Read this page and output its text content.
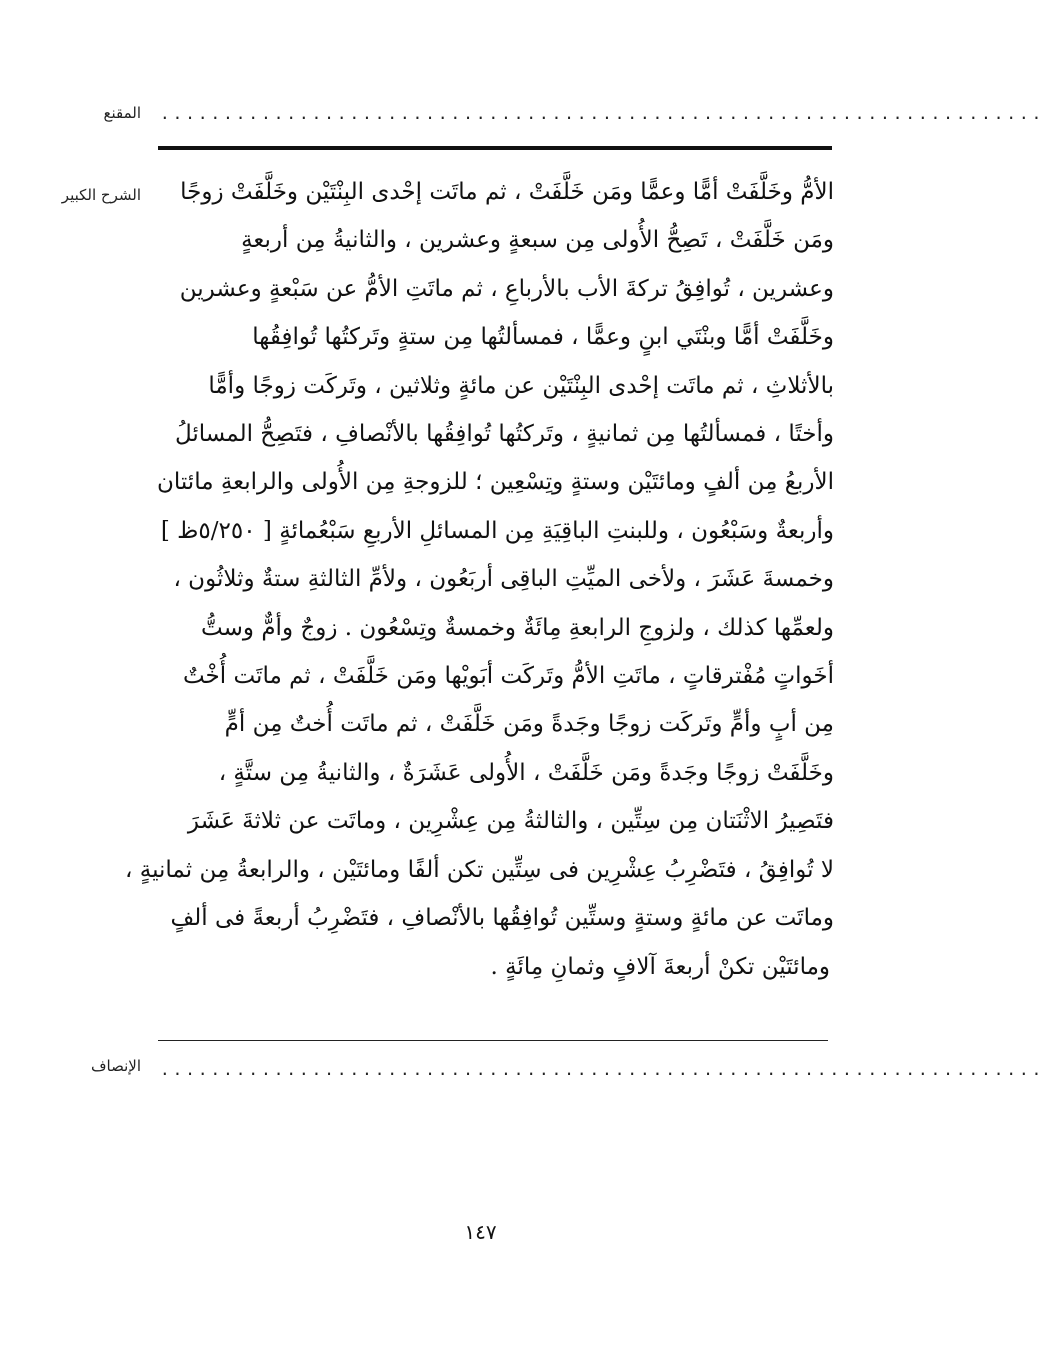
المقنع ......................................................................
الشرح الكبير	الأمُّ وخَلَّفَتْ أمًّا وعمًّا ومَن خَلَّفَتْ ، ثم ماتَت إحْدى البِنْتَيْن وخَلَّفَتْ زوجًا
ومَن خَلَّفَتْ ، تَصِحُّ الأُولى مِن سبعةٍ وعشرين ، والثانيةُ مِن أربعةٍ
وعشرين ، تُوافِقُ تركةَ الأب بالأرباعِ ، ثم ماتَتِ الأمُّ عن سَبْعةٍ وعشرين
وخَلَّفَتْ أمًّا وبنْتَي ابنٍ وعمًّا ، فمسألتُها مِن ستةٍ وتَركتُها تُوافِقُها
بالأثلاثِ ، ثم ماتَت إحْدى البِنْتَيْن عن مائةٍ وثلاثين ، وتَركَت زوجًا وأمًّا
وأختًا ، فمسألتُها مِن ثمانيةٍ ، وتَركتُها تُوافِقُها بالأنْصافِ ، فتَصِحُّ المسائلُ
الأربعُ مِن ألفٍ ومائتَيْن وستةٍ وتِسْعِين ؛ للزوجةِ مِن الأُولى والرابعةِ مائتان
وأربعةٌ وسَبْعُون ، وللبنتِ الباقِيَةِ مِن المسائلِ الأربعِ سَبْعُمائةٍ [ ٥/٢٥٠ظ ]
وخمسةَ عَشَرَ ، ولأخى الميِّتِ الباقِى أربَعُون ، ولأمِّ الثالثةِ ستةٌ وثلاثُون ،
ولعمِّها كذلك ، ولزوجِ الرابعةِ مِائَةٌ وخمسةٌ وتِسْعُون . زوجٌ وأمٌّ وستُّ
أخَواتٍ مُفْترقاتٍ ، ماتَتِ الأمُّ وتَركَت أبَويْها ومَن خَلَّفَتْ ، ثم ماتَت أُخْتٌ
مِن أبٍ وأمٍّ وتَركَت زوجًا وجَدةً ومَن خَلَّفَتْ ، ثم ماتَت أُختٌ مِن أمٍّ
وخَلَّفَتْ زوجًا وجَدةً ومَن خَلَّفَتْ ، الأُولى عَشَرَةٌ ، والثانيةُ مِن ستَّةٍ ،
فتَصِيرُ الاثْنَتان مِن سِتِّين ، والثالثةُ مِن عِشْرِين ، وماتَت عن ثلاثةَ عَشَرَ
لا تُوافِقُ ، فتَضْرِبُ عِشْرِين فى سِتِّين تكن ألفًا ومائتَيْن ، والرابعةُ مِن ثمانيةٍ ،
وماتَت عن مائةٍ وستةٍ وستِّين تُوافِقُها بالأنْصافِ ، فتَضْرِبُ أربعةً فى ألفٍ
ومائتَيْن تكنْ أربعةَ آلافٍ وثمانِ مِائَةٍ .
الإنصاف ......................................................................
١٤٧
